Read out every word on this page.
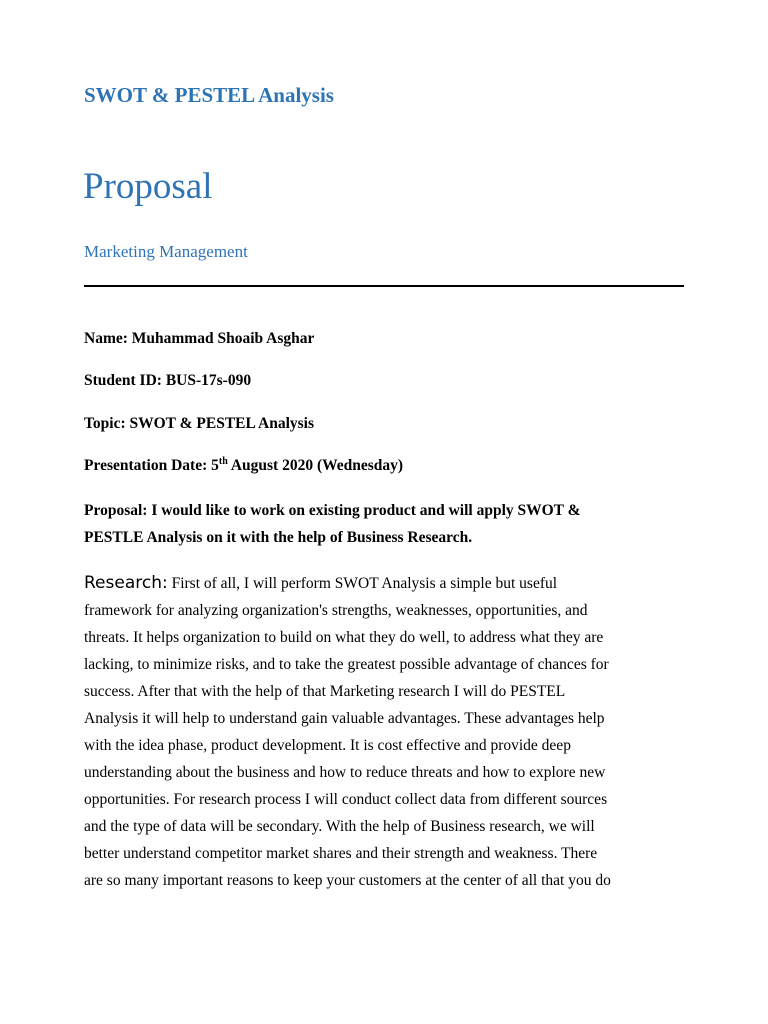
SWOT & PESTEL Analysis
Proposal
Marketing Management
Name: Muhammad Shoaib Asghar
Student ID: BUS-17s-090
Topic: SWOT & PESTEL Analysis
Presentation Date: 5th August 2020 (Wednesday)
Proposal: I would like to work on existing product and will apply SWOT &
PESTLE Analysis on it with the help of Business Research.
Research: First of all, I will perform SWOT Analysis a simple but useful
framework for analyzing organization's strengths, weaknesses, opportunities, and
threats. It helps organization to build on what they do well, to address what they are
lacking, to minimize risks, and to take the greatest possible advantage of chances for
success. After that with the help of that Marketing research I will do PESTEL
Analysis it will help to understand gain valuable advantages. These advantages help
with the idea phase, product development. It is cost effective and provide deep
understanding about the business and how to reduce threats and how to explore new
opportunities. For research process I will conduct collect data from different sources
and the type of data will be secondary. With the help of Business research, we will
better understand competitor market shares and their strength and weakness. There
are so many important reasons to keep your customers at the center of all that you do
